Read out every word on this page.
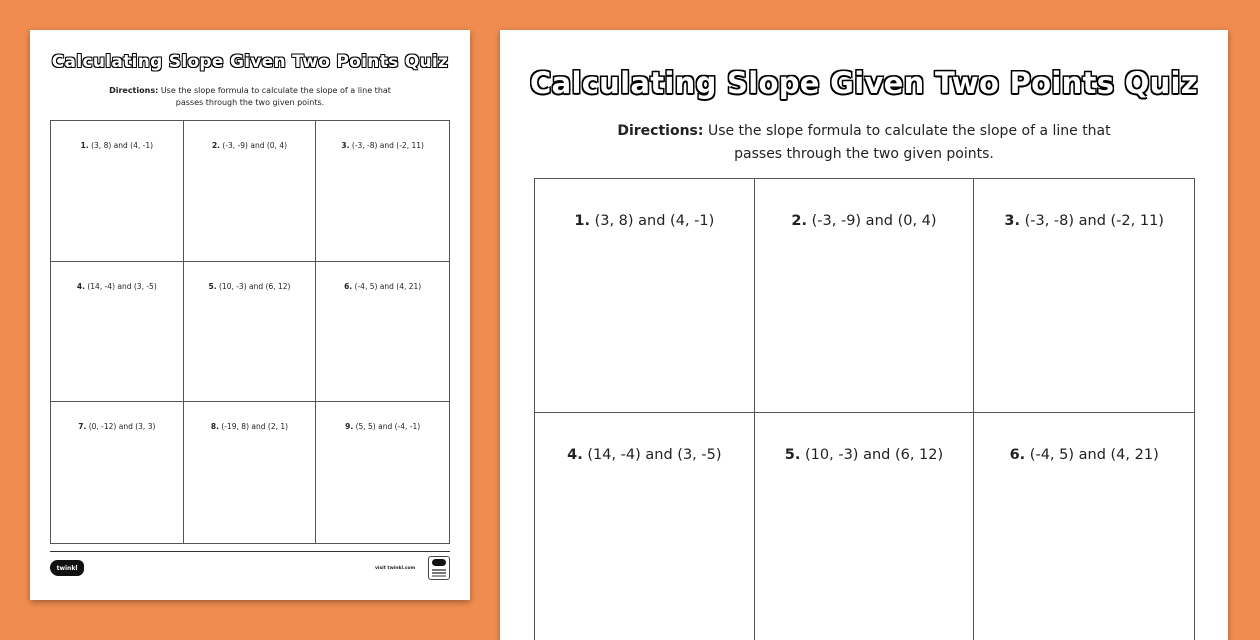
Calculating Slope Given Two Points Quiz
Directions: Use the slope formula to calculate the slope of a line that
passes through the two given points.
1. (3, 8) and (4, -1)	2. (-3, -9) and (0, 4)	3. (-3, -8) and (-2, 11)
4. (14, -4) and (3, -5)	5. (10, -3) and (6, 12)	6. (-4, 5) and (4, 21)
7. (0, -12) and (3, 3)	8. (-19, 8) and (2, 1)	9. (5, 5) and (-4, -1)
twinkl	visit twinkl.com
Calculating Slope Given Two Points Quiz
Directions: Use the slope formula to calculate the slope of a line that
passes through the two given points.
1. (3, 8) and (4, -1)	2. (-3, -9) and (0, 4)	3. (-3, -8) and (-2, 11)
4. (14, -4) and (3, -5)	5. (10, -3) and (6, 12)	6. (-4, 5) and (4, 21)
